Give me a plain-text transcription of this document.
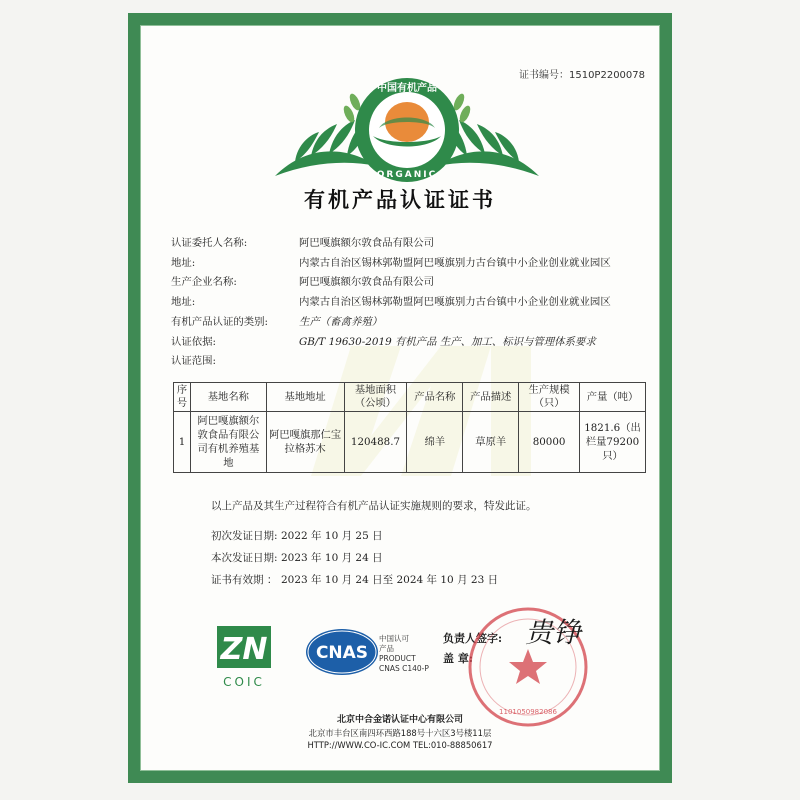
证书编号：1510P2200078
中国有机产品
ORGANIC
有机产品认证证书
认证委托人名称:	阿巴嘎旗额尔敦食品有限公司
地址:	内蒙古自治区锡林郭勒盟阿巴嘎旗别力古台镇中小企业创业就业园区
生产企业名称:	阿巴嘎旗额尔敦食品有限公司
地址:	内蒙古自治区锡林郭勒盟阿巴嘎旗别力古台镇中小企业创业就业园区
有机产品认证的类别:	生产（畜禽养殖）
认证依据:	GB/T 19630-2019 有机产品 生产、加工、标识与管理体系要求
认证范围:
序号	基地名称	基地地址	基地面积（公顷）	产品名称	产品描述	生产规模（只）	产量（吨）
1	阿巴嘎旗额尔敦食品有限公司有机养殖基地	阿巴嘎旗那仁宝拉格苏木	120488.7	绵羊	草原羊	80000	1821.6（出栏量79200只）
以上产品及其生产过程符合有机产品认证实施规则的要求，特发此证。
初次发证日期: 2022 年 10 月 25 日
本次发证日期: 2023 年 10 月 24 日
证书有效期 ： 2023 年 10 月 24 日至 2024 年 10 月 23 日
ZN
COIC
CNAS
中国认可
产品
PRODUCT
CNAS C140-P
负责人签字:
盖 章:
1101050982086
贵铮
北京中合金诺认证中心有限公司
北京市丰台区南四环西路188号十六区3号楼11层
HTTP://WWW.CO-IC.COM TEL:010-88850617
